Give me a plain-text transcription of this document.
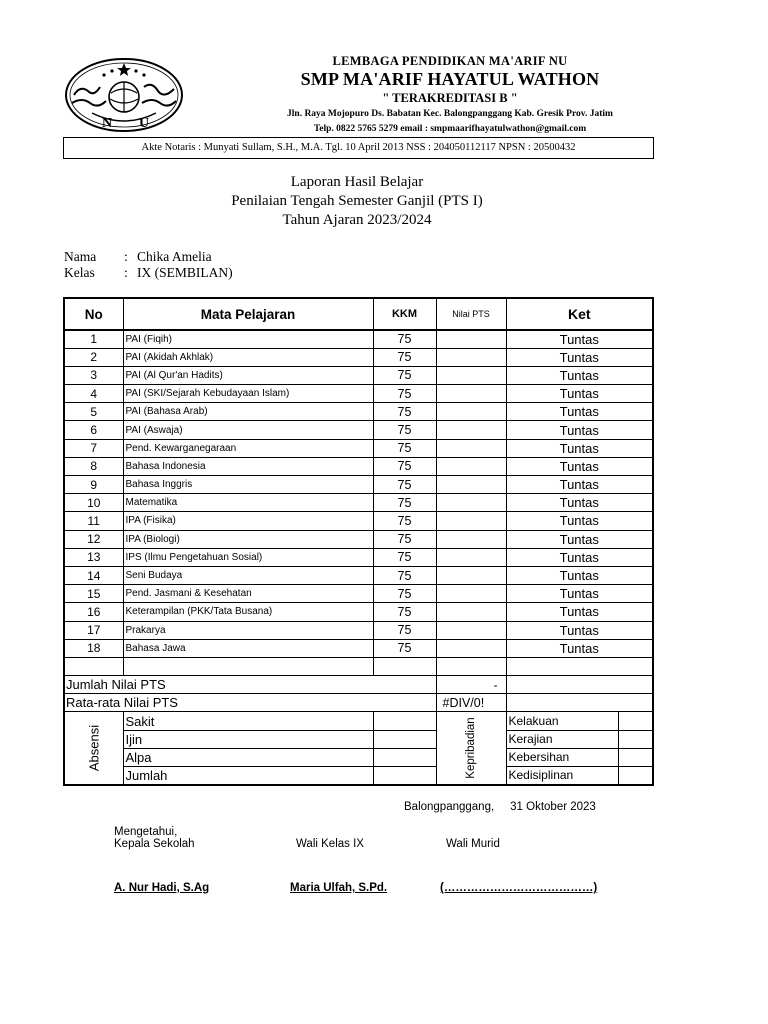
N U
LEMBAGA PENDIDIKAN MA'ARIF NU
SMP MA'ARIF HAYATUL WATHON
" TERAKREDITASI B "
Jln. Raya Mojopuro Ds. Babatan Kec. Balongpanggang Kab. Gresik Prov. Jatim
Telp. 0822 5765 5279 email : smpmaarifhayatulwathon@gmail.com
Akte Notaris : Munyati Sullam, S.H., M.A. Tgl. 10 April 2013 NSS : 204050112117 NPSN : 20500432
Laporan Hasil Belajar
Penilaian Tengah Semester Ganjil (PTS I)
Tahun Ajaran 2023/2024
Nama : Chika Amelia
Kelas : IX (SEMBILAN)
No	Mata Pelajaran	KKM	Nilai PTS	Ket	
1	PAI (Fiqih)	75		Tuntas	
2	PAI (Akidah Akhlak)	75		Tuntas	
3	PAI (Al Qur'an Hadits)	75		Tuntas	
4	PAI (SKI/Sejarah Kebudayaan Islam)	75		Tuntas	
5	PAI (Bahasa Arab)	75		Tuntas	
6	PAI (Aswaja)	75		Tuntas	
7	Pend. Kewarganegaraan	75		Tuntas	
8	Bahasa Indonesia	75		Tuntas	
9	Bahasa Inggris	75		Tuntas	
10	Matematika	75		Tuntas	
11	IPA (Fisika)	75		Tuntas	
12	IPA (Biologi)	75		Tuntas	
13	IPS (Ilmu Pengetahuan Sosial)	75		Tuntas	
14	Seni Budaya	75		Tuntas	
15	Pend. Jasmani & Kesehatan	75		Tuntas	
16	Keterampilan (PKK/Tata Busana)	75		Tuntas	
17	Prakarya	75		Tuntas	
18	Bahasa Jawa	75		Tuntas	

Jumlah Nilai PTS			-		
Rata-rata Nilai PTS			#DIV/0!		

Absensi	Sakit		Kepribadian	Kelakuan	
	Ijin			Kerajian	
	Alpa			Kebersihan	
	Jumlah			Kedisiplinan	
Balongpanggang,     31 Oktober 2023
Mengetahui,
Kepala Sekolah	Wali Kelas IX	Wali Murid
A. Nur Hadi, S.Ag	Maria Ulfah, S.Pd.	(…………………………………)
